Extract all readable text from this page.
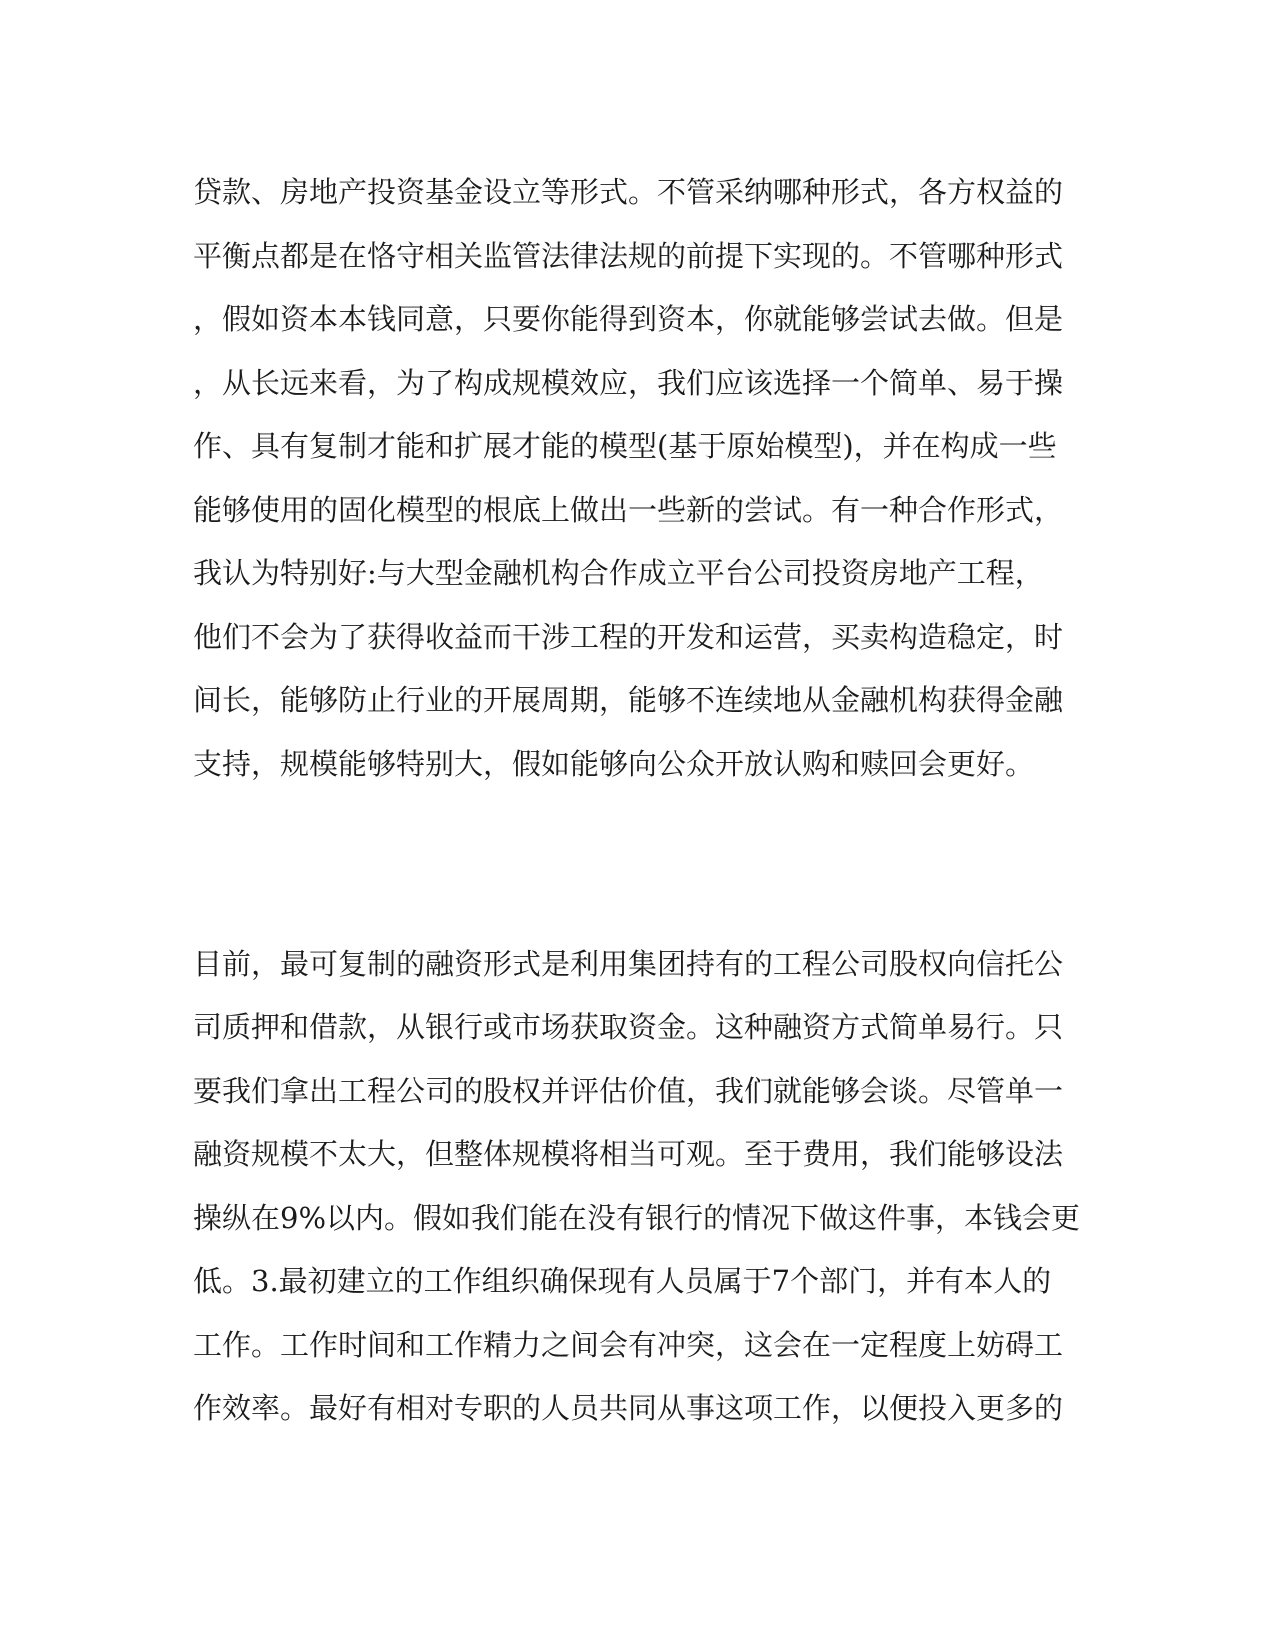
贷款、房地产投资基金设立等形式。不管采纳哪种形式，各方权益的
平衡点都是在恪守相关监管法律法规的前提下实现的。不管哪种形式
，假如资本本钱同意，只要你能得到资本，你就能够尝试去做。但是
，从长远来看，为了构成规模效应，我们应该选择一个简单、易于操
作、具有复制才能和扩展才能的模型(基于原始模型)，并在构成一些
能够使用的固化模型的根底上做出一些新的尝试。有一种合作形式，
我认为特别好:与大型金融机构合作成立平台公司投资房地产工程，
他们不会为了获得收益而干涉工程的开发和运营，买卖构造稳定，时
间长，能够防止行业的开展周期，能够不连续地从金融机构获得金融
支持，规模能够特别大，假如能够向公众开放认购和赎回会更好。
目前，最可复制的融资形式是利用集团持有的工程公司股权向信托公
司质押和借款，从银行或市场获取资金。这种融资方式简单易行。只
要我们拿出工程公司的股权并评估价值，我们就能够会谈。尽管单一
融资规模不太大，但整体规模将相当可观。至于费用，我们能够设法
操纵在9%以内。假如我们能在没有银行的情况下做这件事，本钱会更
低。3.最初建立的工作组织确保现有人员属于7个部门，并有本人的
工作。工作时间和工作精力之间会有冲突，这会在一定程度上妨碍工
作效率。最好有相对专职的人员共同从事这项工作，以便投入更多的
